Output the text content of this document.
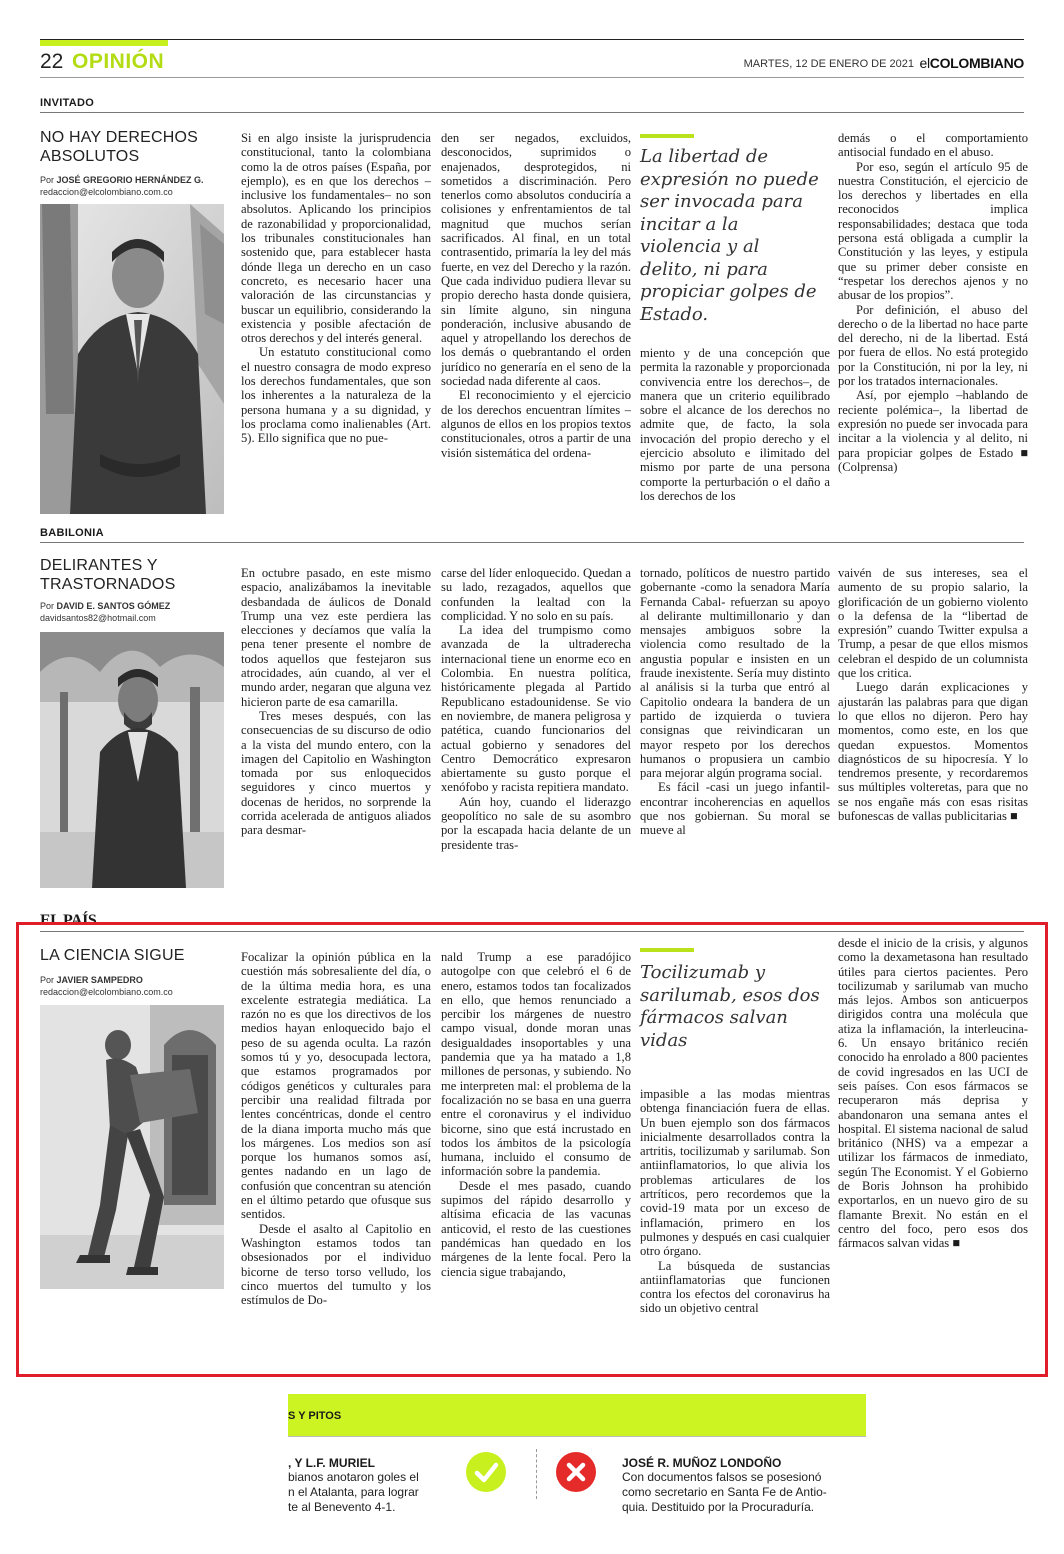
22 OPINIÓN	MARTES, 12 DE ENERO DE 2021 elCOLOMBIANO
INVITADO
NO HAY DERECHOS ABSOLUTOS
Por JOSÉ GREGORIO HERNÁNDEZ G.
redaccion@elcolombiano.com.co

Si en algo insiste la jurisprudencia constitucional, tanto la colombiana como la de otros países (España, por ejemplo), es en que los derechos –inclusive los fundamentales– no son absolutos. Aplicando los principios de razonabilidad y proporcionalidad, los tribunales constitucionales han sostenido que, para establecer hasta dónde llega un derecho en un caso concreto, es necesario hacer una valoración de las circunstancias y buscar un equilibrio, considerando la existencia y posible afectación de otros derechos y del interés general.

Un estatuto constitucional como el nuestro consagra de modo expreso los derechos fundamentales, que son los inherentes a la naturaleza de la persona humana y a su dignidad, y los proclama como inalienables (Art. 5). Ello significa que no pue-

den ser negados, excluidos, desconocidos, suprimidos o enajenados, desprotegidos, ni sometidos a discriminación. Pero tenerlos como absolutos conduciría a colisiones y enfrentamientos de tal magnitud que muchos serían sacrificados. Al final, en un total contrasentido, primaría la ley del más fuerte, en vez del Derecho y la razón. Que cada individuo pudiera llevar su propio derecho hasta donde quisiera, sin límite alguno, sin ninguna ponderación, inclusive abusando de aquel y atropellando los derechos de los demás o quebrantando el orden jurídico no generaría en el seno de la sociedad nada diferente al caos.

El reconocimiento y el ejercicio de los derechos encuentran límites –algunos de ellos en los propios textos constitucionales, otros a partir de una visión sistemática del ordena-

La libertad de expresión no puede ser invocada para incitar a la violencia y al delito, ni para propiciar golpes de Estado.

miento y de una concepción que permita la razonable y proporcionada convivencia entre los derechos–, de manera que un criterio equilibrado sobre el alcance de los derechos no admite que, de facto, la sola invocación del propio derecho y el ejercicio absoluto e ilimitado del mismo por parte de una persona comporte la perturbación o el daño a los derechos de los

demás o el comportamiento antisocial fundado en el abuso.

Por eso, según el artículo 95 de nuestra Constitución, el ejercicio de los derechos y libertades en ella reconocidos implica responsabilidades; destaca que toda persona está obligada a cumplir la Constitución y las leyes, y estipula que su primer deber consiste en “respetar los derechos ajenos y no abusar de los propios”.

Por definición, el abuso del derecho o de la libertad no hace parte del derecho, ni de la libertad. Está por fuera de ellos. No está protegido por la Constitución, ni por la ley, ni por los tratados internacionales.

Así, por ejemplo –hablando de reciente polémica–, la libertad de expresión no puede ser invocada para incitar a la violencia y al delito, ni para propiciar golpes de Estado ■ (Colprensa)

BABILONIA
DELIRANTES Y TRASTORNADOS
Por DAVID E. SANTOS GÓMEZ
davidsantos82@hotmail.com

En octubre pasado, en este mismo espacio, analizábamos la inevitable desbandada de áulicos de Donald Trump una vez este perdiera las elecciones y decíamos que valía la pena tener presente el nombre de todos aquellos que festejaron sus atrocidades, aún cuando, al ver el mundo arder, negaran que alguna vez hicieron parte de esa camarilla.

Tres meses después, con las consecuencias de su discurso de odio a la vista del mundo entero, con la imagen del Capitolio en Washington tomada por sus enloquecidos seguidores y cinco muertos y docenas de heridos, no sorprende la corrida acelerada de antiguos aliados para desmar-

carse del líder enloquecido. Quedan a su lado, rezagados, aquellos que confunden la lealtad con la complicidad. Y no solo en su país.

La idea del trumpismo como avanzada de la ultraderecha internacional tiene un enorme eco en Colombia. En nuestra política, históricamente plegada al Partido Republicano estadounidense. Se vio en noviembre, de manera peligrosa y patética, cuando funcionarios del actual gobierno y senadores del Centro Democrático expresaron abiertamente su gusto porque el xenófobo y racista repitiera mandato.

Aún hoy, cuando el liderazgo geopolítico no sale de su asombro por la escapada hacia delante de un presidente tras-

tornado, políticos de nuestro partido gobernante -como la senadora María Fernanda Cabal- refuerzan su apoyo al delirante multimillonario y dan mensajes ambiguos sobre la violencia como resultado de la angustia popular e insisten en un fraude inexistente. Sería muy distinto al análisis si la turba que entró al Capitolio ondeara la bandera de un partido de izquierda o tuviera consignas que reivindicaran un mayor respeto por los derechos humanos o propusiera un cambio para mejorar algún programa social.

Es fácil -casi un juego infantil- encontrar incoherencias en aquellos que nos gobiernan. Su moral se mueve al

vaivén de sus intereses, sea el aumento de su propio salario, la glorificación de un gobierno violento o la defensa de la “libertad de expresión” cuando Twitter expulsa a Trump, a pesar de que ellos mismos celebran el despido de un columnista que los critica.

Luego darán explicaciones y ajustarán las palabras para que digan lo que ellos no dijeron. Pero hay momentos, como este, en los que quedan expuestos. Momentos diagnósticos de su hipocresía. Y lo tendremos presente, y recordaremos sus múltiples volteretas, para que no se nos engañe más con esas risitas bufonescas de vallas publicitarias ■

EL PAÍS
LA CIENCIA SIGUE
Por JAVIER SAMPEDRO
redaccion@elcolombiano.com.co

Focalizar la opinión pública en la cuestión más sobresaliente del día, o de la última media hora, es una excelente estrategia mediática. La razón no es que los directivos de los medios hayan enloquecido bajo el peso de su agenda oculta. La razón somos tú y yo, desocupada lectora, que estamos programados por códigos genéticos y culturales para percibir una realidad filtrada por lentes concéntricas, donde el centro de la diana importa mucho más que los márgenes. Los medios son así porque los humanos somos así, gentes nadando en un lago de confusión que concentran su atención en el último petardo que ofusque sus sentidos.

Desde el asalto al Capitolio en Washington estamos todos tan obsesionados por el individuo bicorne de terso torso velludo, los cinco muertos del tumulto y los estímulos de Do-

nald Trump a ese paradójico autogolpe con que celebró el 6 de enero, estamos todos tan focalizados en ello, que hemos renunciado a percibir los márgenes de nuestro campo visual, donde moran unas desigualdades insoportables y una pandemia que ya ha matado a 1,8 millones de personas, y subiendo. No me interpreten mal: el problema de la focalización no se basa en una guerra entre el coronavirus y el individuo bicorne, sino que está incrustado en todos los ámbitos de la psicología humana, incluido el consumo de información sobre la pandemia.

Desde el mes pasado, cuando supimos del rápido desarrollo y altísima eficacia de las vacunas anticovid, el resto de las cuestiones pandémicas han quedado en los márgenes de la lente focal. Pero la ciencia sigue trabajando,

Tocilizumab y sarilumab, esos dos fármacos salvan vidas

impasible a las modas mientras obtenga financiación fuera de ellas. Un buen ejemplo son dos fármacos inicialmente desarrollados contra la artritis, tocilizumab y sarilumab. Son antiinflamatorios, lo que alivia los problemas articulares de los artríticos, pero recordemos que la covid-19 mata por un exceso de inflamación, primero en los pulmones y después en casi cualquier otro órgano.

La búsqueda de sustancias antiinflamatorias que funcionen contra los efectos del coronavirus ha sido un objetivo central

desde el inicio de la crisis, y algunos como la dexametasona han resultado útiles para ciertos pacientes. Pero tocilizumab y sarilumab van mucho más lejos. Ambos son anticuerpos dirigidos contra una molécula que atiza la inflamación, la interleucina-6. Un ensayo británico recién conocido ha enrolado a 800 pacientes de covid ingresados en las UCI de seis países. Con esos fármacos se recuperaron más deprisa y abandonaron una semana antes el hospital. El sistema nacional de salud británico (NHS) va a empezar a utilizar los fármacos de inmediato, según The Economist. Y el Gobierno de Boris Johnson ha prohibido exportarlos, en un nuevo giro de su flamante Brexit. No están en el centro del foco, pero esos dos fármacos salvan vidas ■

S Y PITOS
, Y L.F. MURIEL
bianos anotaron goles el
n el Atalanta, para lograr
te al Benevento 4-1.
JOSÉ R. MUÑOZ LONDOÑO
Con documentos falsos se posesionó
como secretario en Santa Fe de Antio-
quia. Destituido por la Procuraduría.
